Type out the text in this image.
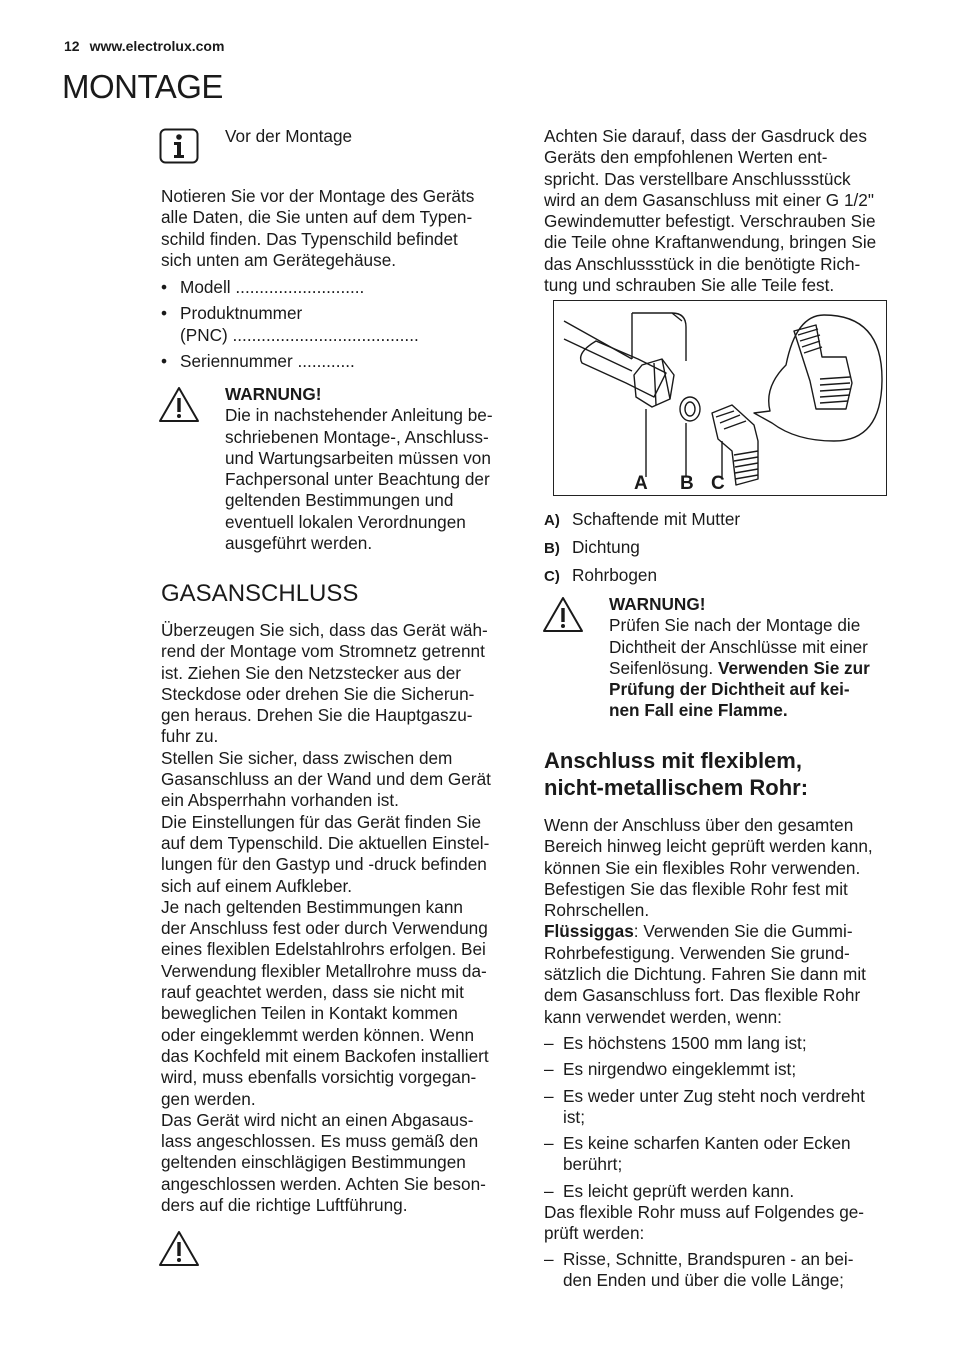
12 www.electrolux.com
MONTAGE
Vor der Montage

Notieren Sie vor der Montage des Geräts

alle Daten, die Sie unten auf dem Typen-

schild finden. Das Typenschild befindet

sich unten am Gerätegehäuse.

• Modell ...........................

• Produktnummer

(PNC) .......................................

• Seriennummer ............

WARNUNG!

Die in nachstehender Anleitung be-

schriebenen Montage-, Anschluss-

und Wartungsarbeiten müssen von

Fachpersonal unter Beachtung der

geltenden Bestimmungen und

eventuell lokalen Verordnungen

ausgeführt werden.

GASANSCHLUSS

Überzeugen Sie sich, dass das Gerät wäh-

rend der Montage vom Stromnetz getrennt

ist. Ziehen Sie den Netzstecker aus der

Steckdose oder drehen Sie die Sicherun-

gen heraus. Drehen Sie die Hauptgaszu-

fuhr zu.

Stellen Sie sicher, dass zwischen dem

Gasanschluss an der Wand und dem Gerät

ein Absperrhahn vorhanden ist.

Die Einstellungen für das Gerät finden Sie

auf dem Typenschild. Die aktuellen Einstel-

lungen für den Gastyp und -druck befinden

sich auf einem Aufkleber.

Je nach geltenden Bestimmungen kann

der Anschluss fest oder durch Verwendung

eines flexiblen Edelstahlrohrs erfolgen. Bei

Verwendung flexibler Metallrohre muss da-

rauf geachtet werden, dass sie nicht mit

beweglichen Teilen in Kontakt kommen

oder eingeklemmt werden können. Wenn

das Kochfeld mit einem Backofen installiert

wird, muss ebenfalls vorsichtig vorgegan-

gen werden.

Das Gerät wird nicht an einen Abgasaus-

lass angeschlossen. Es muss gemäß den

geltenden einschlägigen Bestimmungen

angeschlossen werden. Achten Sie beson-

ders auf die richtige Luftführung.

Achten Sie darauf, dass der Gasdruck des

Geräts den empfohlenen Werten ent-

spricht. Das verstellbare Anschlussstück

wird an dem Gasanschluss mit einer G 1/2"

Gewindemutter befestigt. Verschrauben Sie

die Teile ohne Kraftanwendung, bringen Sie

das Anschlussstück in die benötigte Rich-

tung und schrauben Sie alle Teile fest.

A B C
A) Schaftende mit Mutter
B) Dichtung
C) Rohrbogen

WARNUNG!

Prüfen Sie nach der Montage die

Dichtheit der Anschlüsse mit einer

Seifenlösung. Verwenden Sie zur

Prüfung der Dichtheit auf kei-

nen Fall eine Flamme.

Anschluss mit flexiblem,
nicht-metallischem Rohr:

Wenn der Anschluss über den gesamten

Bereich hinweg leicht geprüft werden kann,

können Sie ein flexibles Rohr verwenden.

Befestigen Sie das flexible Rohr fest mit

Rohrschellen.

Flüssiggas: Verwenden Sie die Gummi-

Rohrbefestigung. Verwenden Sie grund-

sätzlich die Dichtung. Fahren Sie dann mit

dem Gasanschluss fort. Das flexible Rohr

kann verwendet werden, wenn:

– Es höchstens 1500 mm lang ist;

– Es nirgendwo eingeklemmt ist;

– Es weder unter Zug steht noch verdreht

ist;

– Es keine scharfen Kanten oder Ecken

berührt;

– Es leicht geprüft werden kann.

Das flexible Rohr muss auf Folgendes ge-

prüft werden:

– Risse, Schnitte, Brandspuren - an bei-

den Enden und über die volle Länge;
